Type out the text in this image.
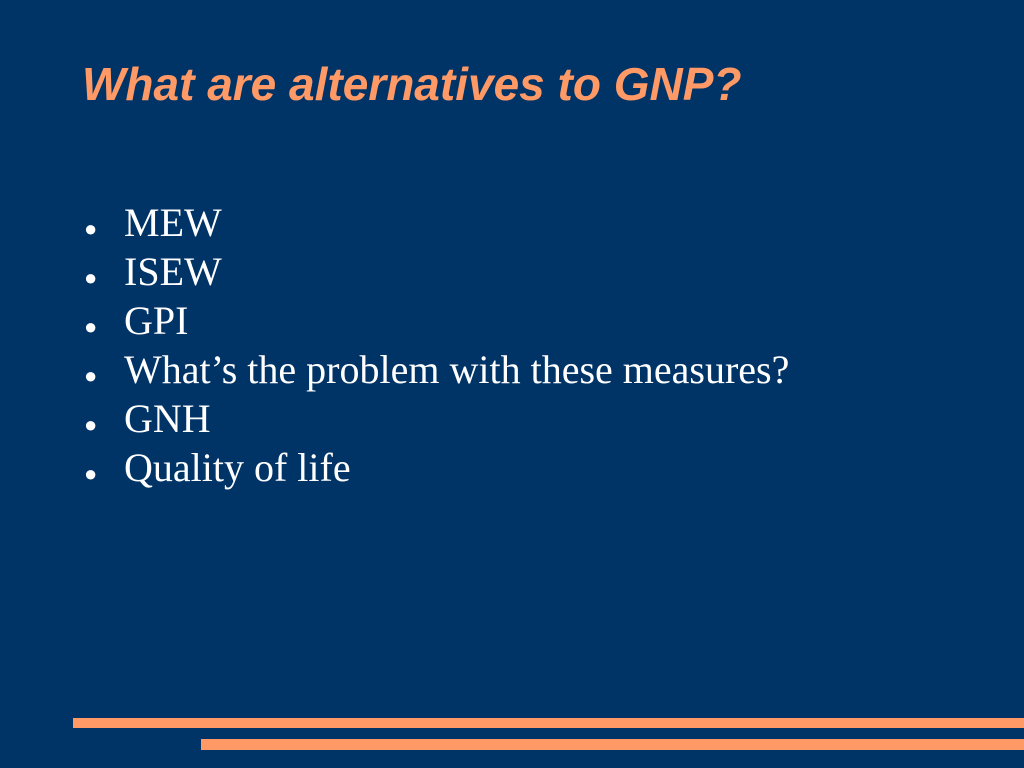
What are alternatives to GNP?
● MEW
● ISEW
● GPI
● What’s the problem with these measures?
● GNH
● Quality of life
